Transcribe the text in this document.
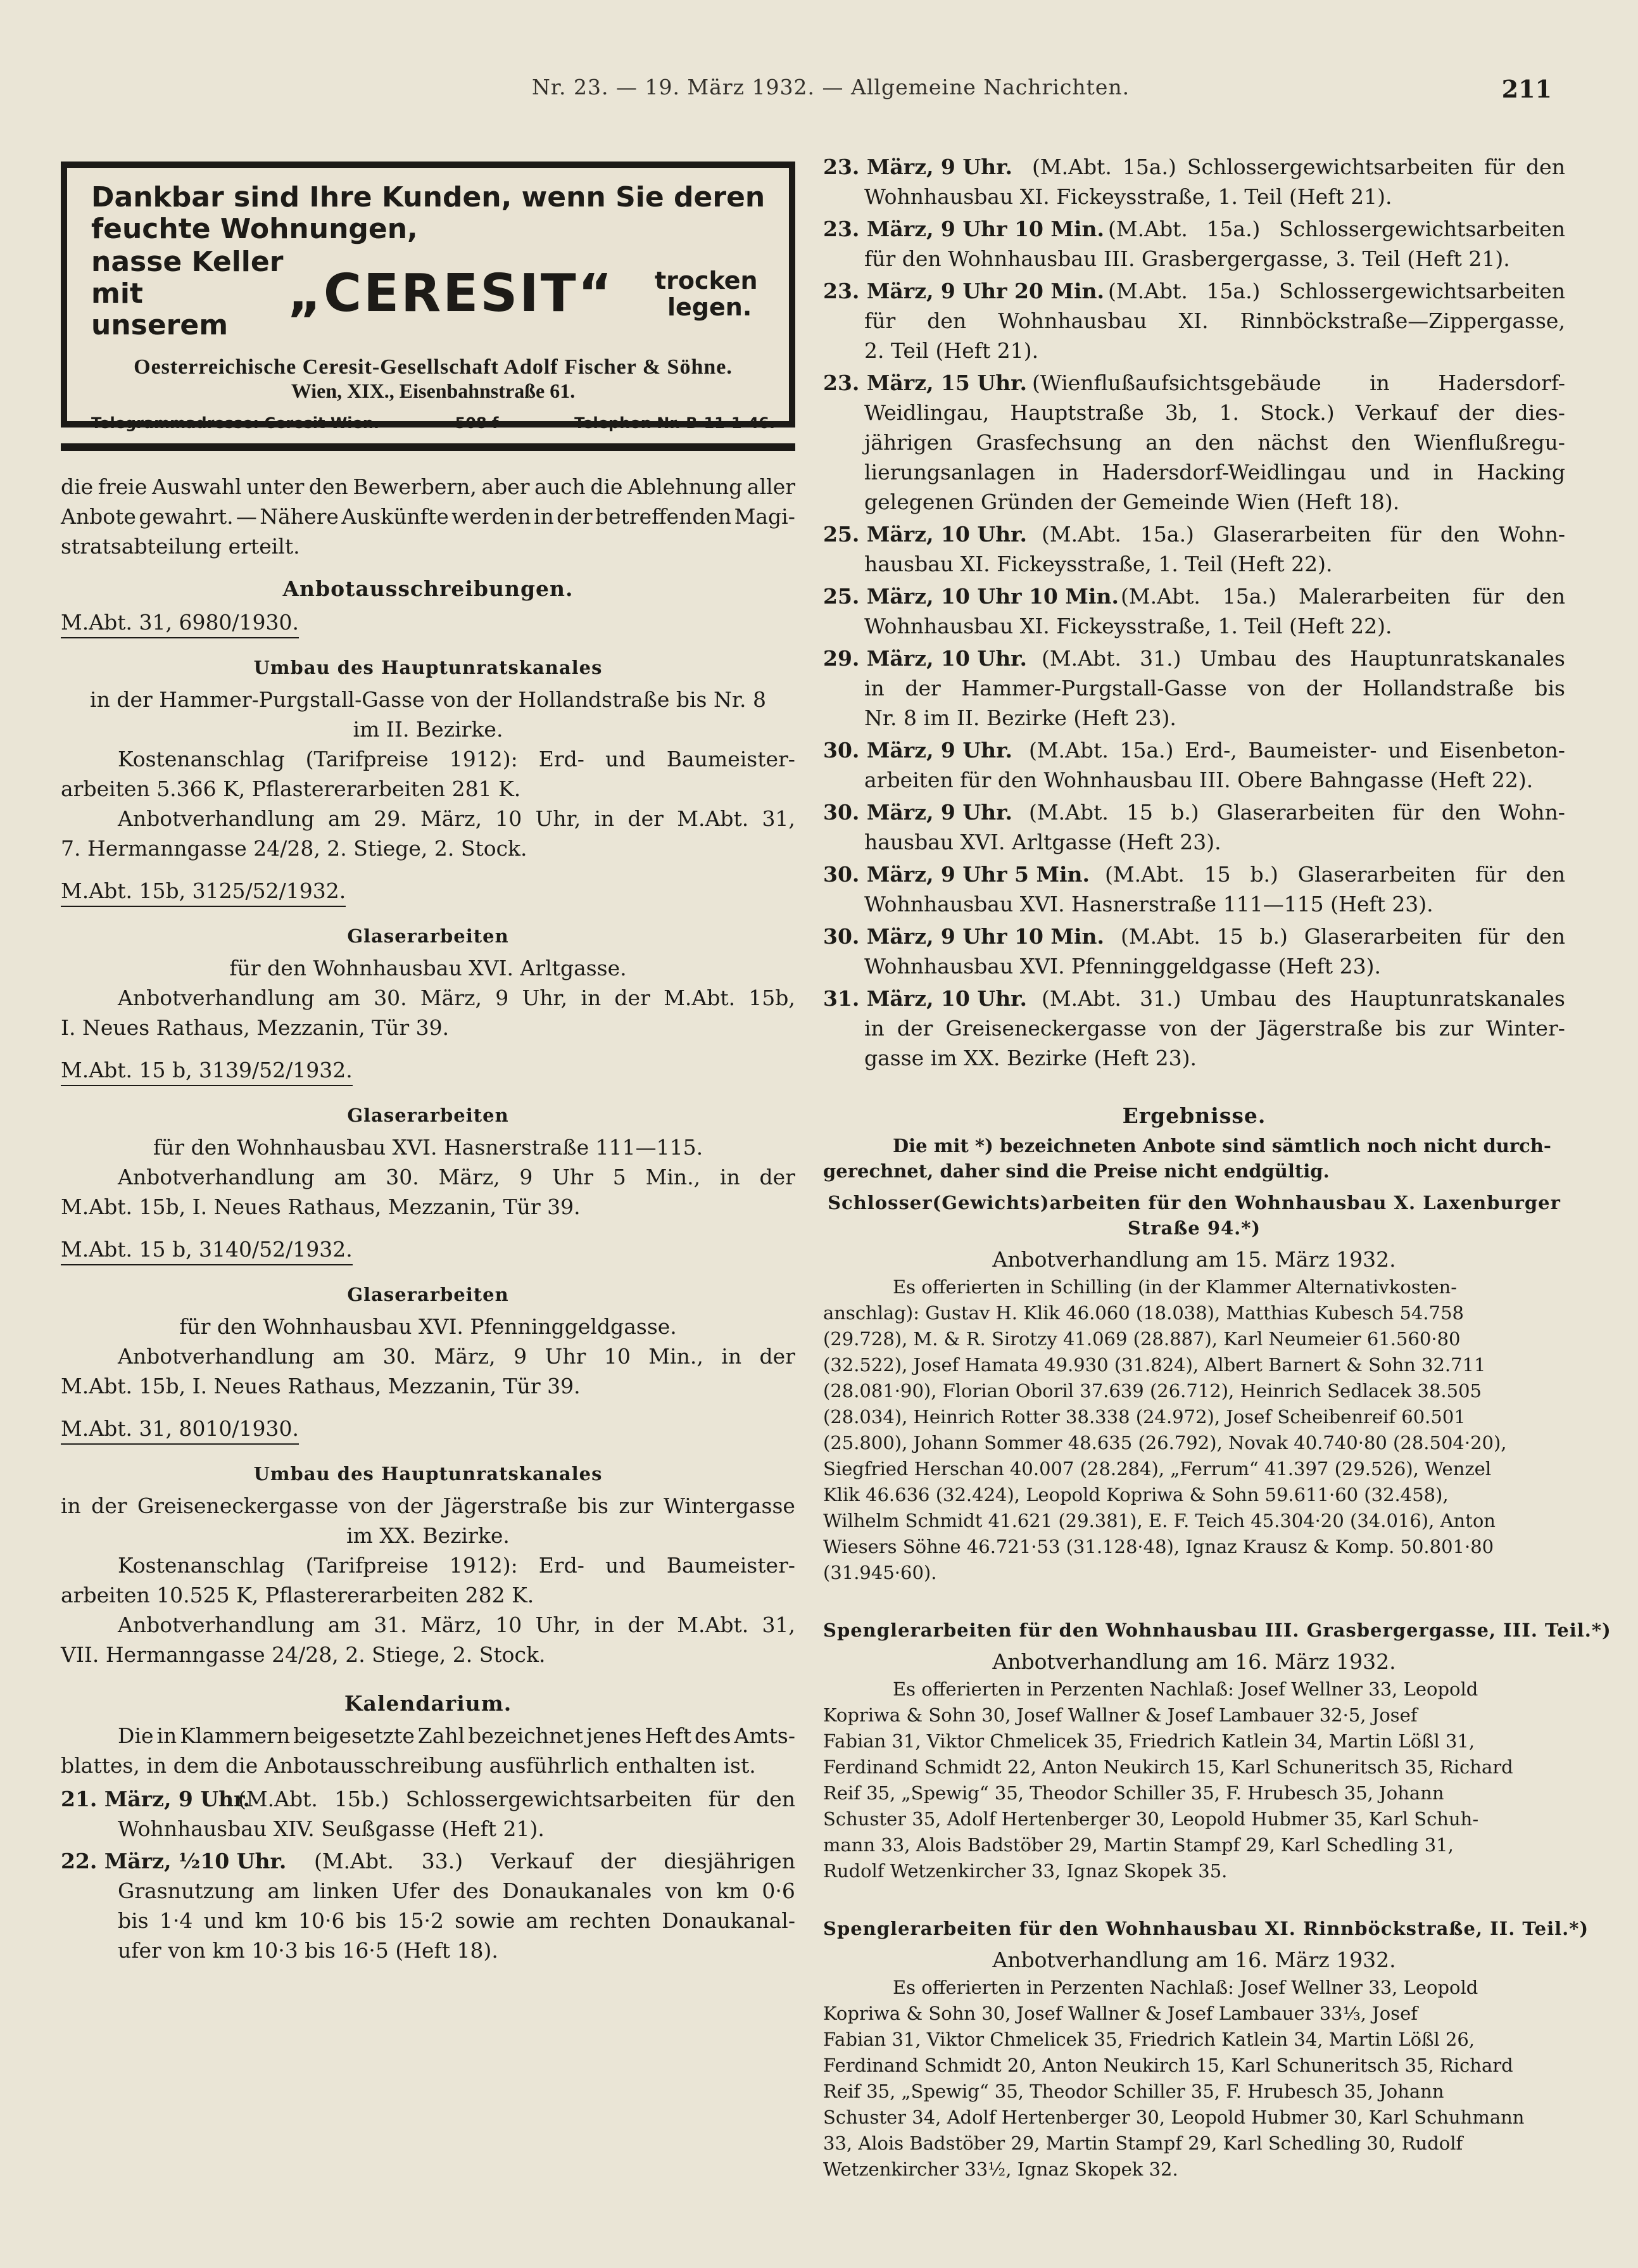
Nr. 23. — 19. März 1932. — Allgemeine Nachrichten.	211
Dankbar sind Ihre Kunden, wenn Sie deren
feuchte Wohnungen,
nasse Keller
mit unserem
„CERESIT“	trocken
legen.
Oesterreichische Ceresit-Gesellschaft Adolf Fischer & Söhne.
Wien, XIX., Eisenbahnstraße 61.
Telegrammadresse: Ceresit Wien.	508 f	Telephon Nr. B-11-1-46.
die freie Auswahl unter den Bewerbern, aber auch die Ablehnung aller
Anbote gewahrt. — Nähere Auskünfte werden in der betreffenden Magi-
stratsabteilung erteilt.
Anbotausschreibungen.
M.Abt. 31, 6980/1930.
Umbau des Hauptunratskanales
in der Hammer-Purgstall-Gasse von der Hollandstraße bis Nr. 8
im II. Bezirke.
Kostenanschlag (Tarifpreise 1912): Erd- und Baumeister-
arbeiten 5.366 K, Pflastererarbeiten 281 K.
Anbotverhandlung am 29. März, 10 Uhr, in der M.Abt. 31,
7. Hermanngasse 24/28, 2. Stiege, 2. Stock.
M.Abt. 15b, 3125/52/1932.
Glaserarbeiten
für den Wohnhausbau XVI. Arltgasse.
Anbotverhandlung am 30. März, 9 Uhr, in der M.Abt. 15b,
I. Neues Rathaus, Mezzanin, Tür 39.
M.Abt. 15 b, 3139/52/1932.
Glaserarbeiten
für den Wohnhausbau XVI. Hasnerstraße 111—115.
Anbotverhandlung am 30. März, 9 Uhr 5 Min., in der
M.Abt. 15b, I. Neues Rathaus, Mezzanin, Tür 39.
M.Abt. 15 b, 3140/52/1932.
Glaserarbeiten
für den Wohnhausbau XVI. Pfenninggeldgasse.
Anbotverhandlung am 30. März, 9 Uhr 10 Min., in der
M.Abt. 15b, I. Neues Rathaus, Mezzanin, Tür 39.
M.Abt. 31, 8010/1930.
Umbau des Hauptunratskanales
in der Greiseneckergasse von der Jägerstraße bis zur Wintergasse
im XX. Bezirke.
Kostenanschlag (Tarifpreise 1912): Erd- und Baumeister-
arbeiten 10.525 K, Pflastererarbeiten 282 K.
Anbotverhandlung am 31. März, 10 Uhr, in der M.Abt. 31,
VII. Hermanngasse 24/28, 2. Stiege, 2. Stock.
Kalendarium.
Die in Klammern beigesetzte Zahl bezeichnet jenes Heft des Amts-
blattes, in dem die Anbotausschreibung ausführlich enthalten ist.
21. März, 9 Uhr.
(M.Abt. 15b.) Schlossergewichtsarbeiten für den
Wohnhausbau XIV. Seußgasse (Heft 21).
22. März, ½10 Uhr. (M.Abt. 33.) Verkauf der diesjährigen
Grasnutzung am linken Ufer des Donaukanales von km 0·6
bis 1·4 und km 10·6 bis 15·2 sowie am rechten Donaukanal-
ufer von km 10·3 bis 16·5 (Heft 18).
23. März, 9 Uhr. (M.Abt. 15a.) Schlossergewichtsarbeiten für den
Wohnhausbau XI. Fickeysstraße, 1. Teil (Heft 21).
23. März, 9 Uhr 10 Min. (M.Abt. 15a.) Schlossergewichtsarbeiten
für den Wohnhausbau III. Grasbergergasse, 3. Teil (Heft 21).
23. März, 9 Uhr 20 Min. (M.Abt. 15a.) Schlossergewichtsarbeiten
für den Wohnhausbau XI. Rinnböckstraße—Zippergasse,
2. Teil (Heft 21).
23. März, 15 Uhr. (Wienflußaufsichtsgebäude in Hadersdorf-
Weidlingau, Hauptstraße 3b, 1. Stock.) Verkauf der dies-
jährigen Grasfechsung an den nächst den Wienflußregu-
lierungsanlagen in Hadersdorf-Weidlingau und in Hacking
gelegenen Gründen der Gemeinde Wien (Heft 18).
25. März, 10 Uhr. (M.Abt. 15a.) Glaserarbeiten für den Wohn-
hausbau XI. Fickeysstraße, 1. Teil (Heft 22).
25. März, 10 Uhr 10 Min. (M.Abt. 15a.) Malerarbeiten für den
Wohnhausbau XI. Fickeysstraße, 1. Teil (Heft 22).
29. März, 10 Uhr. (M.Abt. 31.) Umbau des Hauptunratskanales
in der Hammer-Purgstall-Gasse von der Hollandstraße bis
Nr. 8 im II. Bezirke (Heft 23).
30. März, 9 Uhr. (M.Abt. 15a.) Erd-, Baumeister- und Eisenbeton-
arbeiten für den Wohnhausbau III. Obere Bahngasse (Heft 22).
30. März, 9 Uhr. (M.Abt. 15 b.) Glaserarbeiten für den Wohn-
hausbau XVI. Arltgasse (Heft 23).
30. März, 9 Uhr 5 Min. (M.Abt. 15 b.) Glaserarbeiten für den
Wohnhausbau XVI. Hasnerstraße 111—115 (Heft 23).
30. März, 9 Uhr 10 Min. (M.Abt. 15 b.) Glaserarbeiten für den
Wohnhausbau XVI. Pfenninggeldgasse (Heft 23).
31. März, 10 Uhr. (M.Abt. 31.) Umbau des Hauptunratskanales
in der Greiseneckergasse von der Jägerstraße bis zur Winter-
gasse im XX. Bezirke (Heft 23).
Ergebnisse.
Die mit *) bezeichneten Anbote sind sämtlich noch nicht durch-
gerechnet, daher sind die Preise nicht endgültig.
Schlosser(Gewichts)arbeiten für den Wohnhausbau X. Laxenburger
Straße 94.*)
Anbotverhandlung am 15. März 1932.
Es offerierten in Schilling (in der Klammer Alternativkosten-
anschlag): Gustav H. Klik 46.060 (18.038), Matthias Kubesch 54.758
(29.728), M. & R. Sirotzy 41.069 (28.887), Karl Neumeier 61.560·80
(32.522), Josef Hamata 49.930 (31.824), Albert Barnert & Sohn 32.711
(28.081·90), Florian Oboril 37.639 (26.712), Heinrich Sedlacek 38.505
(28.034), Heinrich Rotter 38.338 (24.972), Josef Scheibenreif 60.501
(25.800), Johann Sommer 48.635 (26.792), Novak 40.740·80 (28.504·20),
Siegfried Herschan 40.007 (28.284), „Ferrum“ 41.397 (29.526), Wenzel
Klik 46.636 (32.424), Leopold Kopriwa & Sohn 59.611·60 (32.458),
Wilhelm Schmidt 41.621 (29.381), E. F. Teich 45.304·20 (34.016), Anton
Wiesers Söhne 46.721·53 (31.128·48), Ignaz Krausz & Komp. 50.801·80
(31.945·60).
Spenglerarbeiten für den Wohnhausbau III. Grasbergergasse, III. Teil.*)
Anbotverhandlung am 16. März 1932.
Es offerierten in Perzenten Nachlaß: Josef Wellner 33, Leopold
Kopriwa & Sohn 30, Josef Wallner & Josef Lambauer 32·5, Josef
Fabian 31, Viktor Chmelicek 35, Friedrich Katlein 34, Martin Lößl 31,
Ferdinand Schmidt 22, Anton Neukirch 15, Karl Schuneritsch 35, Richard
Reif 35, „Spewig“ 35, Theodor Schiller 35, F. Hrubesch 35, Johann
Schuster 35, Adolf Hertenberger 30, Leopold Hubmer 35, Karl Schuh-
mann 33, Alois Badstöber 29, Martin Stampf 29, Karl Schedling 31,
Rudolf Wetzenkircher 33, Ignaz Skopek 35.
Spenglerarbeiten für den Wohnhausbau XI. Rinnböckstraße, II. Teil.*)
Anbotverhandlung am 16. März 1932.
Es offerierten in Perzenten Nachlaß: Josef Wellner 33, Leopold
Kopriwa & Sohn 30, Josef Wallner & Josef Lambauer 33⅓, Josef
Fabian 31, Viktor Chmelicek 35, Friedrich Katlein 34, Martin Lößl 26,
Ferdinand Schmidt 20, Anton Neukirch 15, Karl Schuneritsch 35, Richard
Reif 35, „Spewig“ 35, Theodor Schiller 35, F. Hrubesch 35, Johann
Schuster 34, Adolf Hertenberger 30, Leopold Hubmer 30, Karl Schuhmann
33, Alois Badstöber 29, Martin Stampf 29, Karl Schedling 30, Rudolf
Wetzenkircher 33½, Ignaz Skopek 32.
